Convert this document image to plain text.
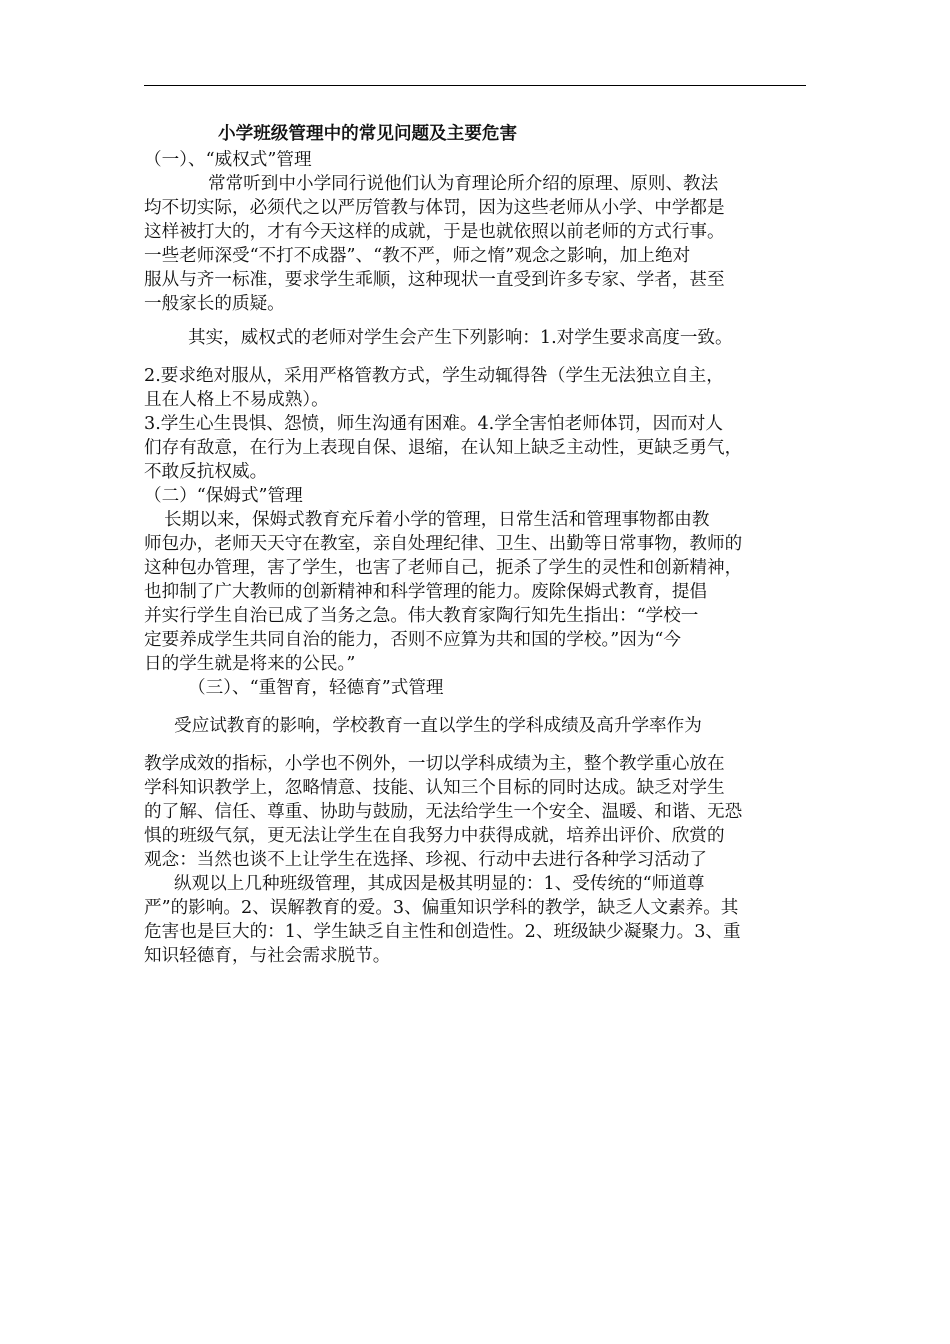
小学班级管理中的常见问题及主要危害
（一）、“威权式”管理

常常听到中小学同行说他们认为育理论所介绍的原理、原则、教法
均不切实际，必须代之以严厉管教与体罚，因为这些老师从小学、中学都是
这样被打大的，才有今天这样的成就，于是也就依照以前老师的方式行事。
一些老师深受“不打不成器”、“教不严，师之惰”观念之影响，加上绝对
服从与齐一标准，要求学生乖顺，这种现状一直受到许多专家、学者，甚至
一般家长的质疑。

其实，威权式的老师对学生会产生下列影响：1.对学生要求高度一致。

2.要求绝对服从，采用严格管教方式，学生动辄得咎（学生无法独立自主，
且在人格上不易成熟）。
3.学生心生畏惧、怨愤，师生沟通有困难。4.学全害怕老师体罚，因而对人
们存有敌意，在行为上表现自保、退缩，在认知上缺乏主动性，更缺乏勇气，
不敢反抗权威。

（二）“保姆式”管理

长期以来，保姆式教育充斥着小学的管理，日常生活和管理事物都由教
师包办，老师天天守在教室，亲自处理纪律、卫生、出勤等日常事物，教师的
这种包办管理，害了学生，也害了老师自己，扼杀了学生的灵性和创新精神，
也抑制了广大教师的创新精神和科学管理的能力。废除保姆式教育，提倡
并实行学生自治已成了当务之急。伟大教育家陶行知先生指出：“学校一
定要养成学生共同自治的能力，否则不应算为共和国的学校。”因为“今
日的学生就是将来的公民。”

（三）、“重智育，轻德育”式管理

受应试教育的影响，学校教育一直以学生的学科成绩及高升学率作为

教学成效的指标，小学也不例外，一切以学科成绩为主，整个教学重心放在
学科知识教学上，忽略情意、技能、认知三个目标的同时达成。缺乏对学生
的了解、信任、尊重、协助与鼓励，无法给学生一个安全、温暖、和谐、无恐
惧的班级气氛，更无法让学生在自我努力中获得成就，培养出评价、欣赏的
观念：当然也谈不上让学生在选择、珍视、行动中去进行各种学习活动了

纵观以上几种班级管理，其成因是极其明显的：1、受传统的“师道尊
严”的影响。2、误解教育的爱。3、偏重知识学科的教学，缺乏人文素养。其
危害也是巨大的：1、学生缺乏自主性和创造性。2、班级缺少凝聚力。3、重
知识轻德育，与社会需求脱节。
